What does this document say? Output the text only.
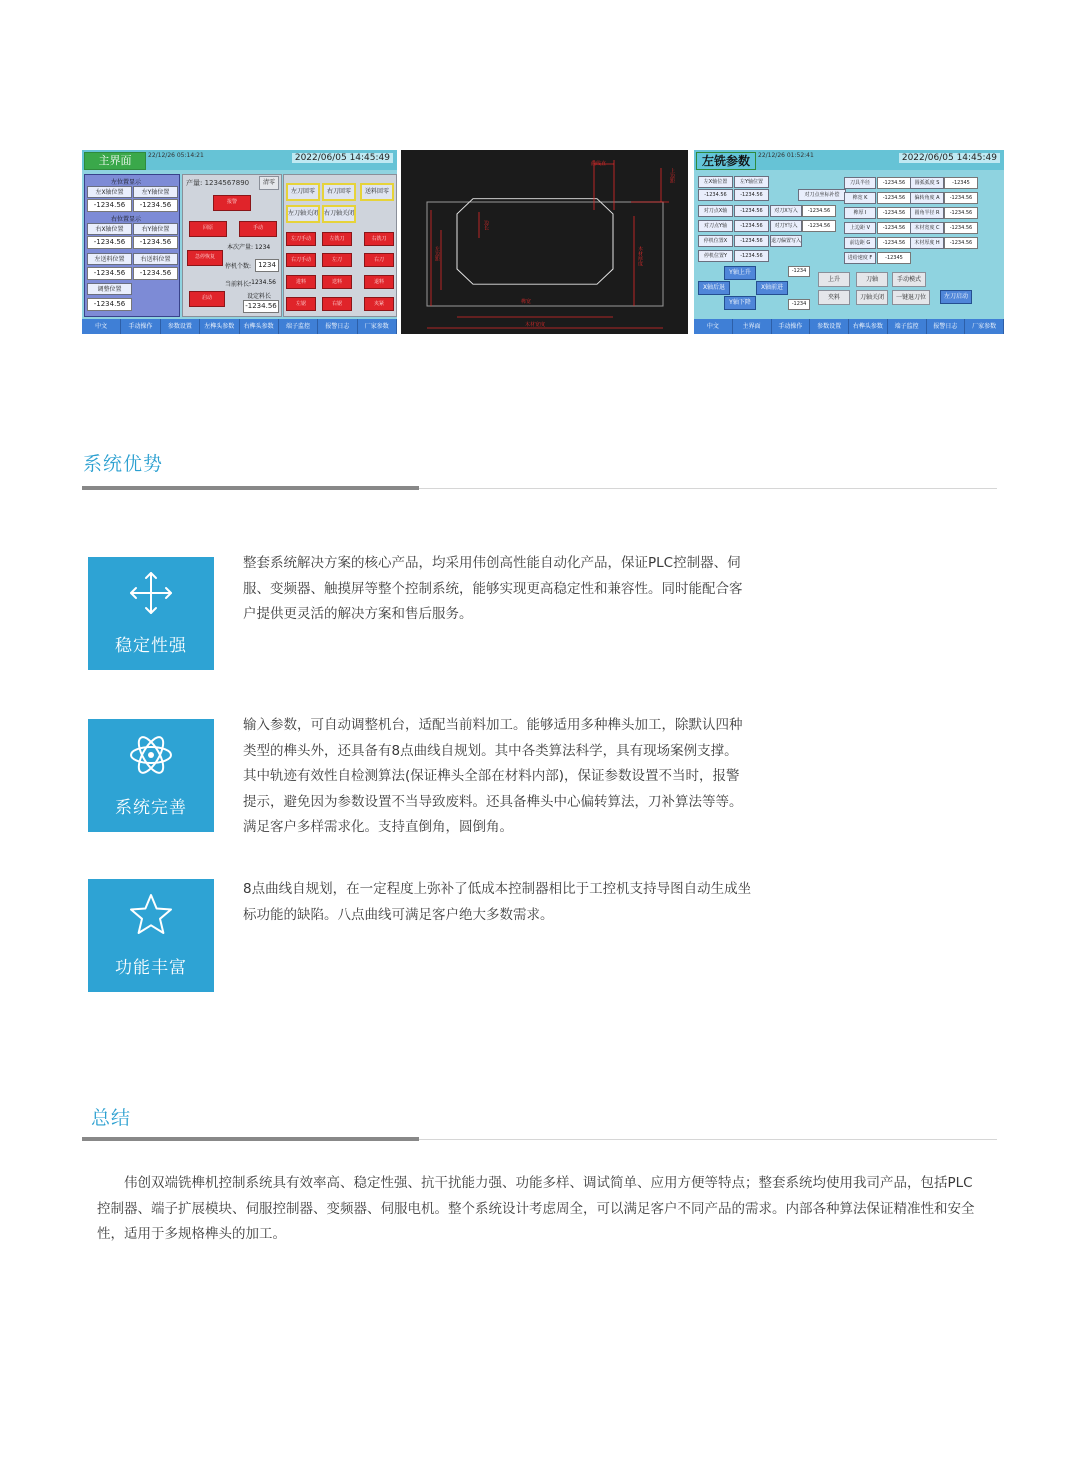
主界面	22/12/26 05:14:21	2022/06/05 14:45:49
左位置显示
左X轴位置	左Y轴位置
-1234.56	-1234.56
右位置显示
右X轴位置	右Y轴位置
-1234.56	-1234.56
左送料位置	右送料位置
-1234.56	-1234.56
调整位置
-1234.56
产量: 1234567890	清零
报警
回原	手动
本次产量: 1234
急停恢复
停机个数:	1234
当前料长:
-1234.56
设定料长
启动
-1234.56
左刀回零	右刀回零	送料回零
左刀轴关闭 右刀轴关闭
左刀手动	左铣刀	右铣刀
右刀手动	左刀	右刀
进料	送料	退料
左锯	右锯	夹紧
中文	手动操作	参数设置	左榫头参数	右榫头参数	端子监控	报警日志	厂家参数
曲线直
上边距
左边距	木材厚度
榫宽
木材宽度
边长
左铣参数	22/12/26 01:52:41	2022/06/05 14:45:49
左X轴位置	左Y轴位置
-1234.56	-1234.56
对刀点X轴	-1234.56
对刀点Y轴	-1234.56
停机位置X	-1234.56
停机位置Y	-1234.56
对刀点坐标补偿
对刀X写入	-1234.56
对刀Y写入	-1234.56
退刀偏置写入
刀具半径	-1234.56	圆弧弧度 S	-12345
榫宽 K	-1234.56	偏转角度 A	-1234.56
榫厚 I	-1234.56	圆角半径 R	-1234.56
上边距 V	-1234.56	木材宽度 C	-1234.56
前边距 G	-1234.56	木材厚度 H	-1234.56
进给速度 F	-12345
Y轴上升
X轴后退
Y轴下降
X轴前进
-1234
-1234
上升	刀轴	手动模式
夹料	刀轴关闭	一键退刀位	左刀启动
中文	主界面	手动操作	参数设置	右榫头参数	端子监控	报警日志	厂家参数
系统优势
稳定性强
整套系统解决方案的核心产品，均采用伟创高性能自动化产品，保证PLC控制器、伺
服、变频器、触摸屏等整个控制系统，能够实现更高稳定性和兼容性。同时能配合客
户提供更灵活的解决方案和售后服务。
系统完善
输入参数，可自动调整机台，适配当前料加工。能够适用多种榫头加工，除默认四种
类型的榫头外，还具备有8点曲线自规划。其中各类算法科学，具有现场案例支撑。
其中轨迹有效性自检测算法(保证榫头全部在材料内部)，保证参数设置不当时，报警
提示，避免因为参数设置不当导致废料。还具备榫头中心偏转算法，刀补算法等等。
满足客户多样需求化。支持直倒角，圆倒角。
功能丰富
8点曲线自规划，在一定程度上弥补了低成本控制器相比于工控机支持导图自动生成坐
标功能的缺陷。八点曲线可满足客户绝大多数需求。
总结
伟创双端铣榫机控制系统具有效率高、稳定性强、抗干扰能力强、功能多样、调试简单、应用方便等特点；整套系统均使用我司产品，包括PLC控制器、端子扩展模块、伺服控制器、变频器、伺服电机。整个系统设计考虑周全，可以满足客户不同产品的需求。内部各种算法保证精准性和安全性，适用于多规格榫头的加工。
